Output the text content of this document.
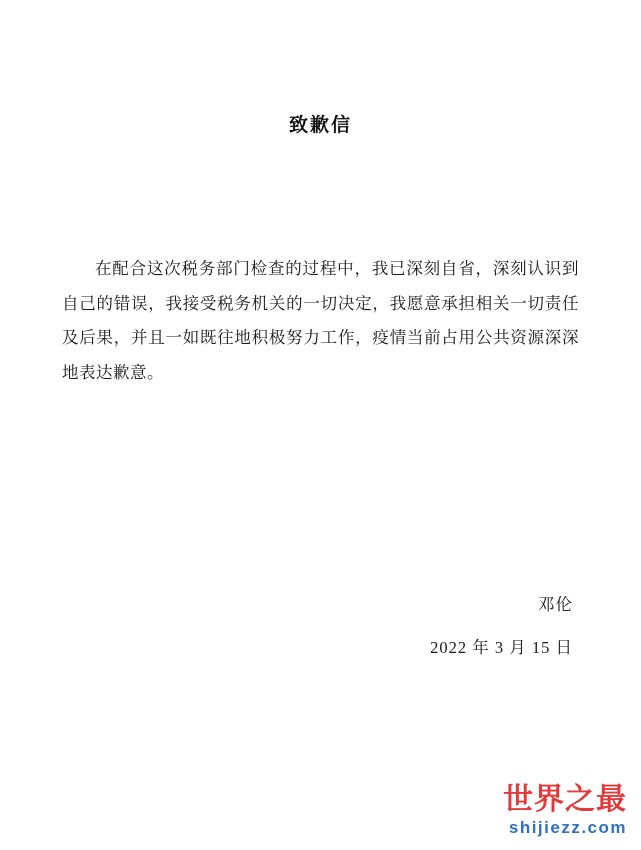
致歉信

在配合这次税务部门检查的过程中，我已深刻自省，深刻认识到自己的错误，我接受税务机关的一切决定，我愿意承担相关一切责任及后果，并且一如既往地积极努力工作，疫情当前占用公共资源深深地表达歉意。

邓伦
2022 年 3 月 15 日
世界之最
shijiezz.com
